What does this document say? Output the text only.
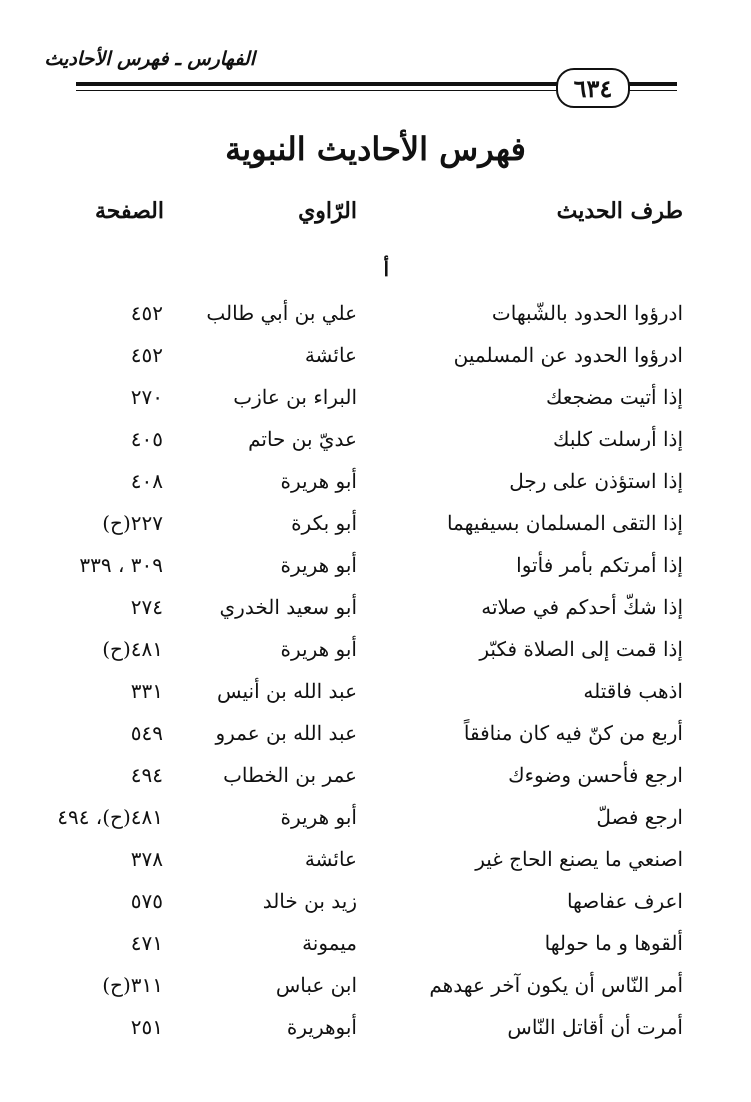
الفهارس ـ فهرس الأحاديث
٦٣٤
فهرس الأحاديث النبوية
طرف الحديث
الرّاوي
الصفحة
أ
ادرؤوا الحدود بالشّبهات
علي بن أبي طالب
٤٥٢
ادرؤوا الحدود عن المسلمين
عائشة
٤٥٢
إذا أتيت مضجعك
البراء بن عازب
٢٧٠
إذا أرسلت كلبك
عديّ بن حاتم
٤٠٥
إذا استؤذن على رجل
أبو هريرة
٤٠٨
إذا التقى المسلمان بسيفيهما
أبو بكرة
٢٢٧(ح)
إذا أمرتكم بأمر فأتوا
أبو هريرة
٣٠٩ ، ٣٣٩
إذا شكّ أحدكم في صلاته
أبو سعيد الخدري
٢٧٤
إذا قمت إلى الصلاة فكبّر
أبو هريرة
٤٨١(ح)
اذهب فاقتله
عبد الله بن أنيس
٣٣١
أربع من كنّ فيه كان منافقاً
عبد الله بن عمرو
٥٤٩
ارجع فأحسن وضوءك
عمر بن الخطاب
٤٩٤
ارجع فصلّ
أبو هريرة
٤٨١(ح)، ٤٩٤
اصنعي ما يصنع الحاج غير
عائشة
٣٧٨
اعرف عفاصها
زيد بن خالد
٥٧٥
ألقوها و ما حولها
ميمونة
٤٧١
أمر النّاس أن يكون آخر عهدهم
ابن عباس
٣١١(ح)
أمرت أن أقاتل النّاس
أبوهريرة
٢٥١
